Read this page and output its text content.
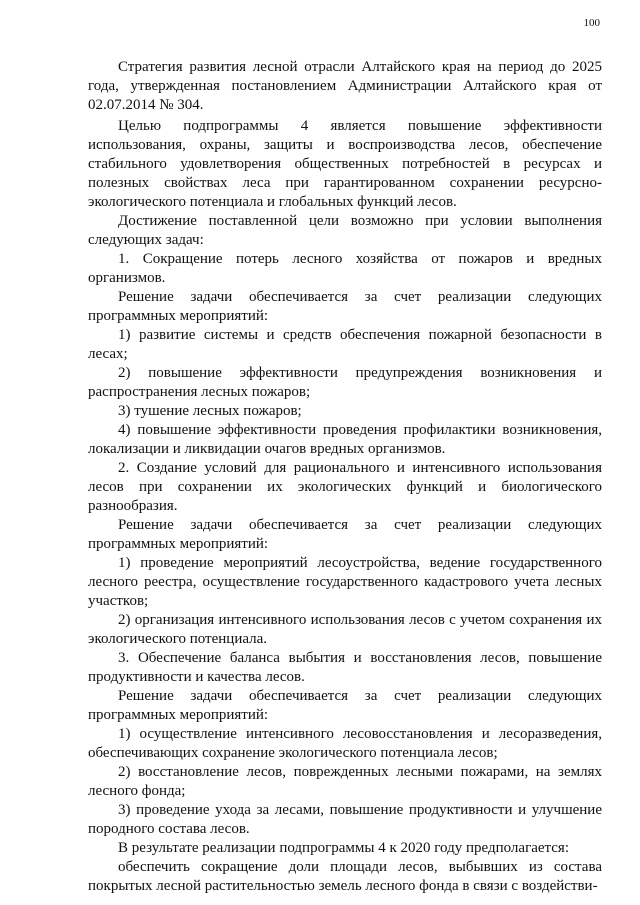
100

Стратегия развития лесной отрасли Алтайского края на период до 2025 года, утвержденная постановлением Администрации Алтайского края от 02.07.2014 № 304.

Целью подпрограммы 4 является повышение эффективности использования, охраны, защиты и воспроизводства лесов, обеспечение стабильного удовлетворения общественных потребностей в ресурсах и полезных свойствах леса при гарантированном сохранении ресурсно-экологического потенциала и глобальных функций лесов.

Достижение поставленной цели возможно при условии выполнения следующих задач:

1. Сокращение потерь лесного хозяйства от пожаров и вредных организмов.

Решение задачи обеспечивается за счет реализации следующих программных мероприятий:

1) развитие системы и средств обеспечения пожарной безопасности в лесах;

2) повышение эффективности предупреждения возникновения и распространения лесных пожаров;

3) тушение лесных пожаров;

4) повышение эффективности проведения профилактики возникновения, локализации и ликвидации очагов вредных организмов.

2. Создание условий для рационального и интенсивного использования лесов при сохранении их экологических функций и биологического разнообразия.

Решение задачи обеспечивается за счет реализации следующих программных мероприятий:

1) проведение мероприятий лесоустройства, ведение государственного лесного реестра, осуществление государственного кадастрового учета лесных участков;

2) организация интенсивного использования лесов с учетом сохранения их экологического потенциала.

3. Обеспечение баланса выбытия и восстановления лесов, повышение продуктивности и качества лесов.

Решение задачи обеспечивается за счет реализации следующих программных мероприятий:

1) осуществление интенсивного лесовосстановления и лесоразведения, обеспечивающих сохранение экологического потенциала лесов;

2) восстановление лесов, поврежденных лесными пожарами, на землях лесного фонда;

3) проведение ухода за лесами, повышение продуктивности и улучшение породного состава лесов.

В результате реализации подпрограммы 4 к 2020 году предполагается:

обеспечить сокращение доли площади лесов, выбывших из состава покрытых лесной растительностью земель лесного фонда в связи с воздействи-
